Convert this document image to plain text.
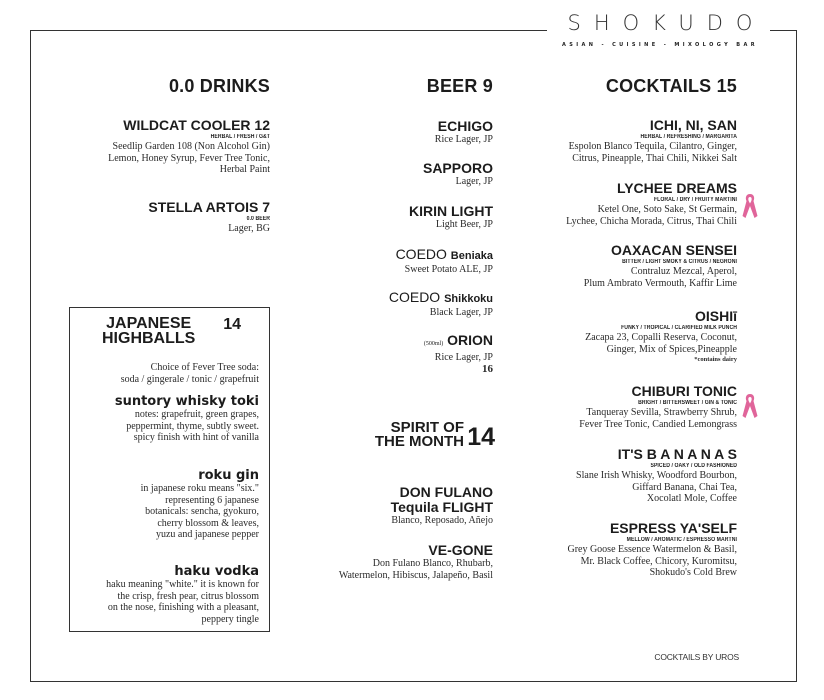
SHOKUDO
ASIAN - CUISINE - MIXOLOGY BAR
0.0 DRINKS
WILDCAT COOLER 12
HERBAL / FRESH / G&T
Seedlip Garden 108 (Non Alcohol Gin)
Lemon, Honey Syrup, Fever Tree Tonic,
Herbal Paint
STELLA ARTOIS 7
0.0 BEER
Lager, BG
JAPANESE
HIGHBALLS
14
Choice of Fever Tree soda:
soda / gingerale / tonic / grapefruit
suntory whisky toki
notes: grapefruit, green grapes,
peppermint, thyme, subtly sweet.
spicy finish with hint of vanilla
roku gin
in japanese roku means "six."
representing 6 japanese
botanicals: sencha, gyokuro,
cherry blossom & leaves,
yuzu and japanese pepper
haku vodka
haku meaning "white." it is known for
the crisp, fresh pear, citrus blossom
on the nose, finishing with a pleasant,
peppery tingle
BEER 9
ECHIGO
Rice Lager, JP
SAPPORO
Lager, JP
KIRIN LIGHT
Light Beer, JP
COEDO Beniaka
Sweet Potato ALE, JP
COEDO Shikkoku
Black Lager, JP
(500ml) ORION
Rice Lager, JP
16
SPIRIT OF
THE MONTH 14
DON FULANO
Tequila FLIGHT
Blanco, Reposado, Añejo
VE-GONE
Don Fulano Blanco, Rhubarb,
Watermelon, Hibiscus, Jalapeño, Basil
COCKTAILS 15
ICHI, NI, SAN
HERBAL / REFRESHING / MARGARITA
Espolon Blanco Tequila, Cilantro, Ginger,
Citrus, Pineapple, Thai Chili, Nikkei Salt
LYCHEE DREAMS
FLORAL / DRY / FRUITY MARTINI
Ketel One, Soto Sake, St Germain,
Lychee, Chicha Morada, Citrus, Thai Chili
OAXACAN SENSEI
BITTER / LIGHT SMOKY & CITRUS / NEGRONI
Contraluz Mezcal, Aperol,
Plum Ambrato Vermouth, Kaffir Lime
OISHIī
FUNKY / TROPICAL / CLARIFIED MILK PUNCH
Zacapa 23, Copalli Reserva, Coconut,
Ginger, Mix of Spices,Pineapple
*contains dairy
CHIBURI TONIC
BRIGHT / BITTERSWEET / GIN & TONIC
Tanqueray Sevilla, Strawberry Shrub,
Fever Tree Tonic, Candied Lemongrass
IT'S B A N A N A S
SPICED / OAKY / OLD FASHIONED
Slane Irish Whisky, Woodford Bourbon,
Giffard Banana, Chai Tea,
Xocolatl Mole, Coffee
ESPRESS YA'SELF
MELLOW / AROMATIC / ESPRESSO MARTNI
Grey Goose Essence Watermelon & Basil,
Mr. Black Coffee, Chicory, Kuromitsu,
Shokudo's Cold Brew
COCKTAILS BY UROS
